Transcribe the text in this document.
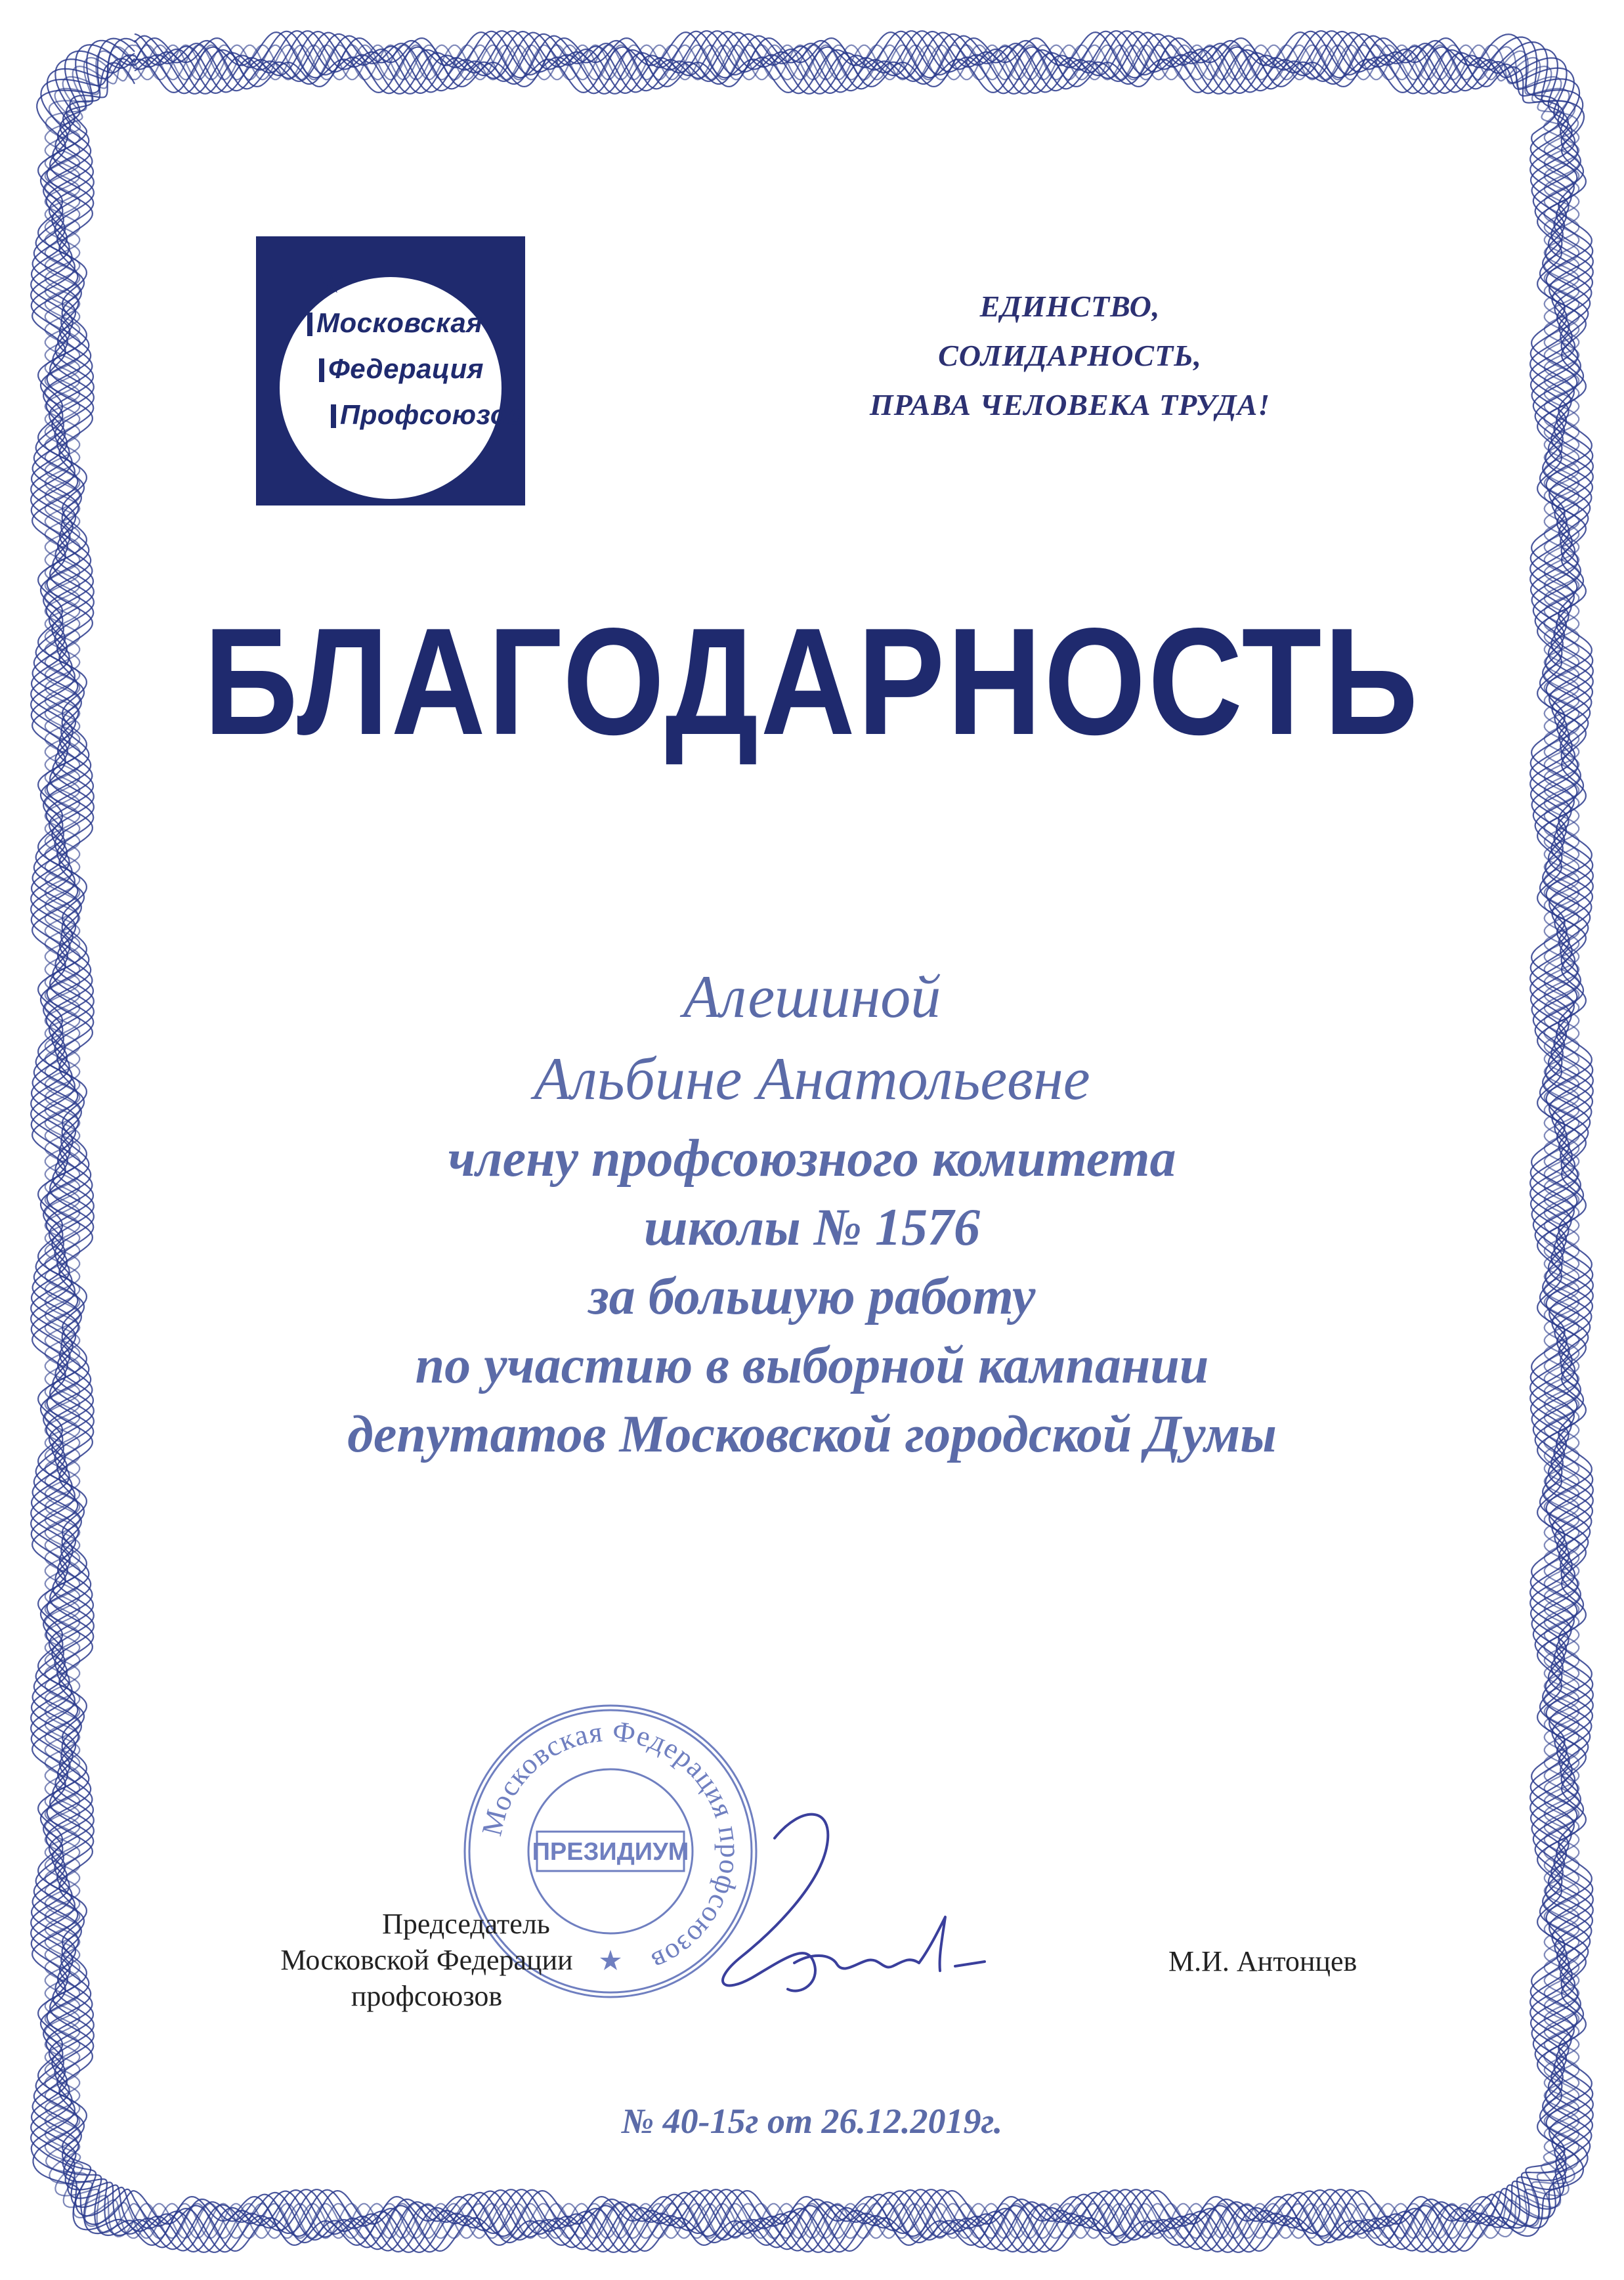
Московская
Федерация
Профсоюзов
ЕДИНСТВО,
СОЛИДАРНОСТЬ,
ПРАВА ЧЕЛОВЕКА ТРУДА!
БЛАГОДАРНОСТЬ
Алешиной
Альбине Анатольевне
члену профсоюзного комитета
школы № 1576
за большую работу
по участию в выборной кампании
депутатов Московской городской Думы
Московская Федерация профсоюзов
ПРЕЗИДИУМ
Председатель
Московской Федерации
профсоюзов
М.И. Антонцев
№ 40-15г от 26.12.2019г.
